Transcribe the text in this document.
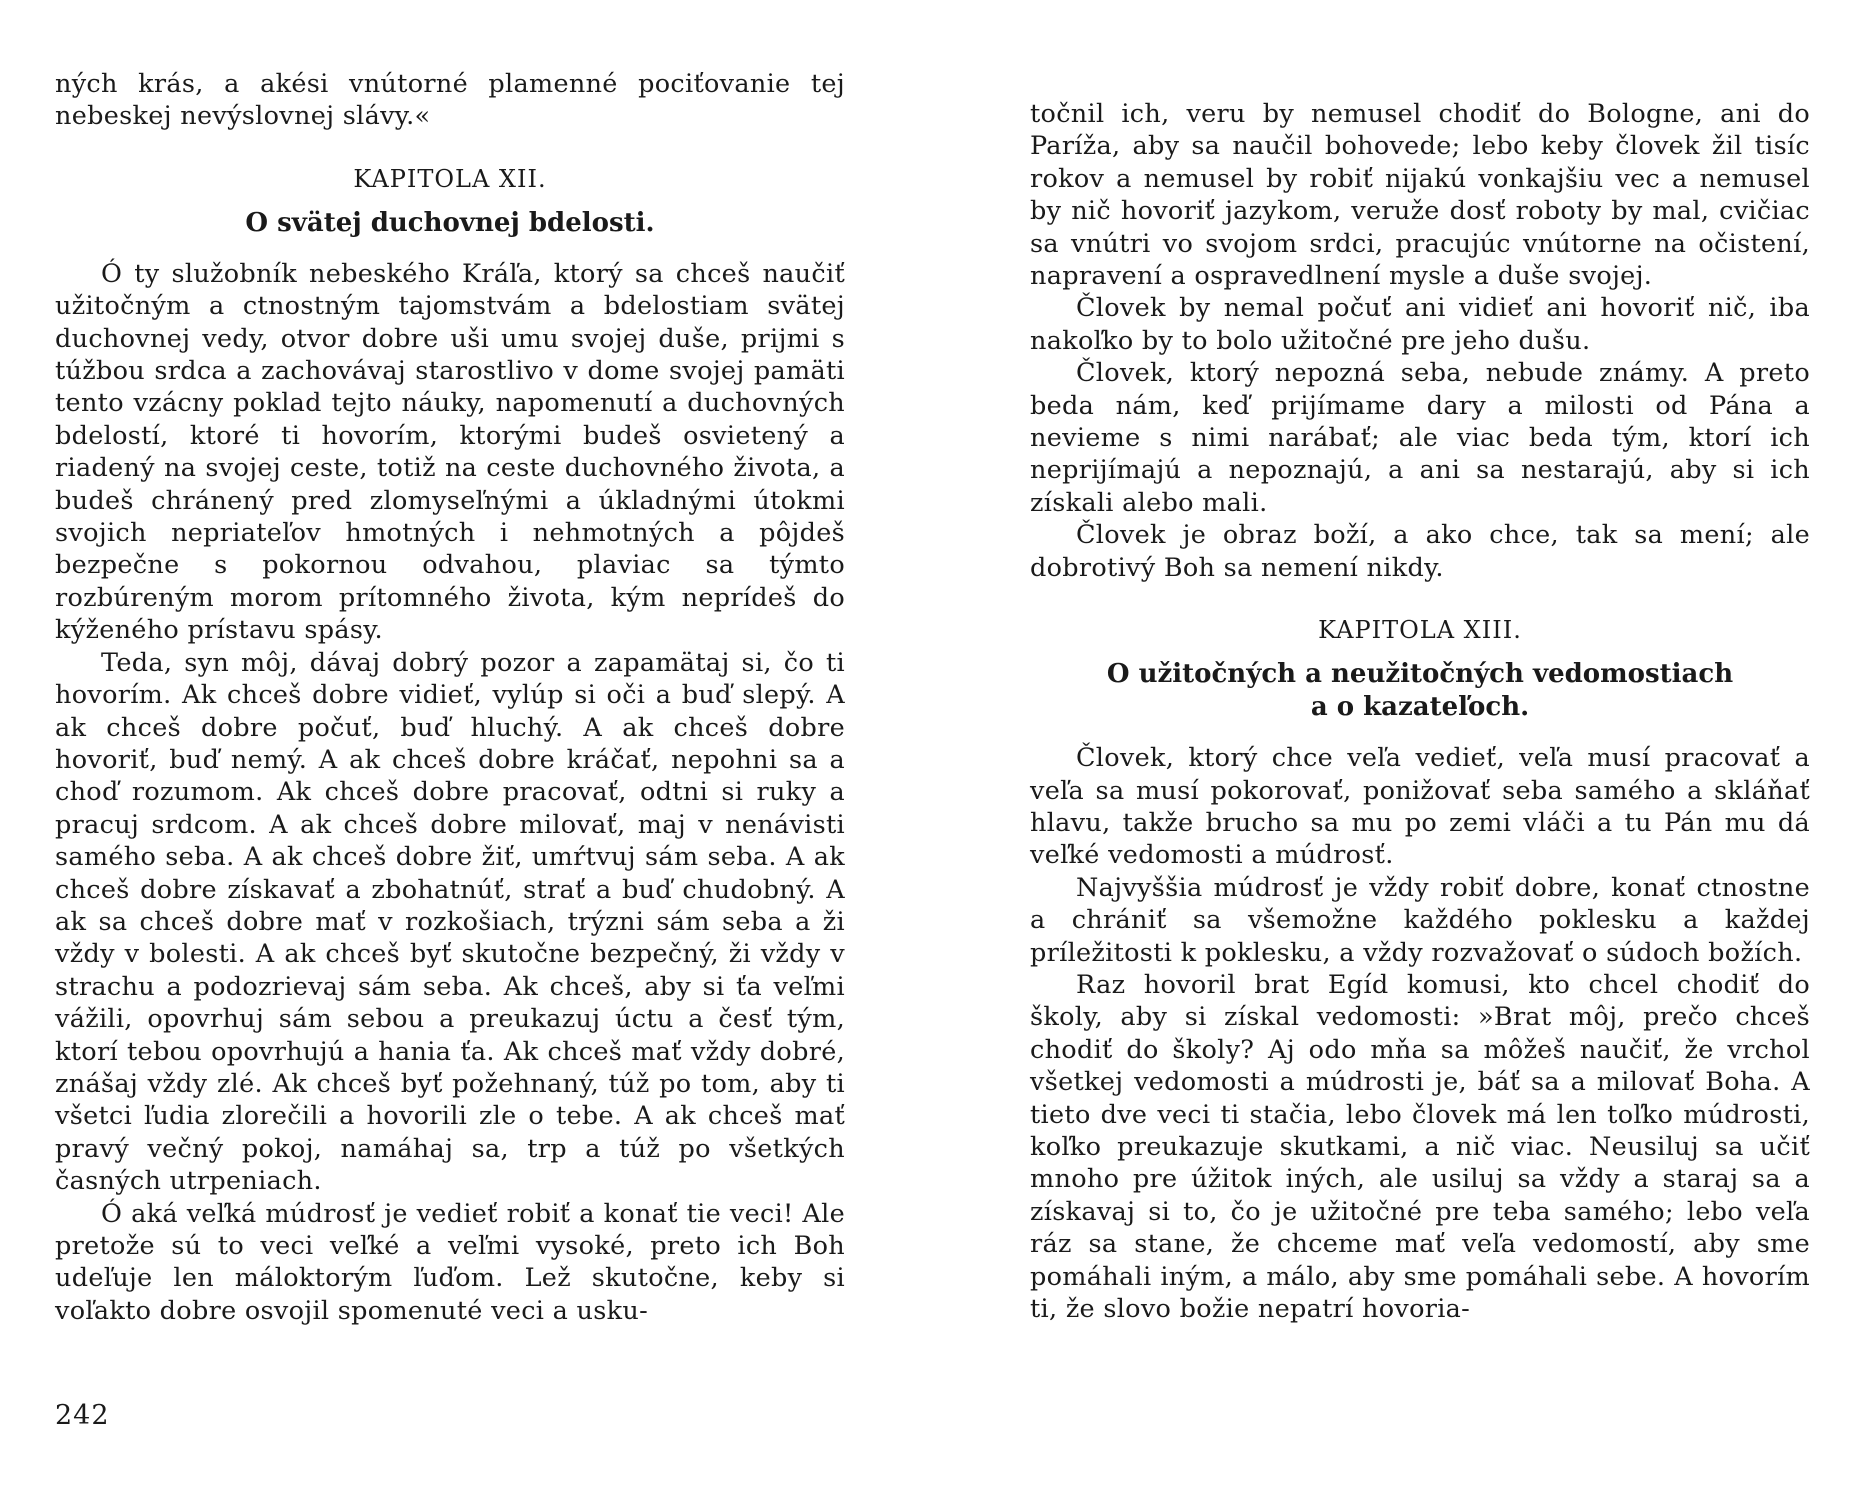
ných krás, a akési vnútorné plamenné pociťovanie tej nebeskej nevýslovnej slávy.«

KAPITOLA XII.
O svätej duchovnej bdelosti.

Ó ty služobník nebeského Kráľa, ktorý sa chceš naučiť užitočným a ctnostným tajomstvám a bdelostiam svätej duchovnej vedy, otvor dobre uši umu svojej duše, prijmi s túžbou srdca a zachovávaj starostlivo v dome svojej pamäti tento vzácny poklad tejto náuky, napomenutí a duchovných bdelostí, ktoré ti hovorím, ktorými budeš osvietený a riadený na svojej ceste, totiž na ceste duchovného života, a budeš chránený pred zlomyseľnými a úkladnými útokmi svojich nepriateľov hmotných i nehmotných a pôjdeš bezpečne s pokornou odvahou, plaviac sa týmto rozbúreným morom prítomného života, kým neprídeš do kýženého prístavu spásy.

Teda, syn môj, dávaj dobrý pozor a zapamätaj si, čo ti hovorím. Ak chceš dobre vidieť, vylúp si oči a buď slepý. A ak chceš dobre počuť, buď hluchý. A ak chceš dobre hovoriť, buď nemý. A ak chceš dobre kráčať, nepohni sa a choď rozumom. Ak chceš dobre pracovať, odtni si ruky a pracuj srdcom. A ak chceš dobre milovať, maj v nenávisti samého seba. A ak chceš dobre žiť, umŕtvuj sám seba. A ak chceš dobre získavať a zbohatnúť, strať a buď chudobný. A ak sa chceš dobre mať v rozkošiach, trýzni sám seba a ži vždy v bolesti. A ak chceš byť skutočne bezpečný, ži vždy v strachu a podozrievaj sám seba. Ak chceš, aby si ťa veľmi vážili, opovrhuj sám sebou a preukazuj úctu a česť tým, ktorí tebou opovrhujú a hania ťa. Ak chceš mať vždy dobré, znášaj vždy zlé. Ak chceš byť požehnaný, túž po tom, aby ti všetci ľudia zlorečili a hovorili zle o tebe. A ak chceš mať pravý večný pokoj, namáhaj sa, trp a túž po všetkých časných utrpeniach.

Ó aká veľká múdrosť je vedieť robiť a konať tie veci! Ale pretože sú to veci veľké a veľmi vysoké, preto ich Boh udeľuje len máloktorým ľuďom. Lež skutočne, keby si voľakto dobre osvojil spomenuté veci a usku-

242

točnil ich, veru by nemusel chodiť do Bologne, ani do Paríža, aby sa naučil bohovede; lebo keby človek žil tisíc rokov a nemusel by robiť nijakú vonkajšiu vec a nemusel by nič hovoriť jazykom, veruže dosť roboty by mal, cvičiac sa vnútri vo svojom srdci, pracujúc vnútorne na očistení, napravení a ospravedlnení mysle a duše svojej.

Človek by nemal počuť ani vidieť ani hovoriť nič, iba nakoľko by to bolo užitočné pre jeho dušu.

Človek, ktorý nepozná seba, nebude známy. A preto beda nám, keď prijímame dary a milosti od Pána a nevieme s nimi narábať; ale viac beda tým, ktorí ich neprijímajú a nepoznajú, a ani sa nestarajú, aby si ich získali alebo mali.

Človek je obraz boží, a ako chce, tak sa mení; ale dobrotivý Boh sa nemení nikdy.

KAPITOLA XIII.
O užitočných a neužitočných vedomostiach
a o kazateľoch.

Človek, ktorý chce veľa vedieť, veľa musí pracovať a veľa sa musí pokorovať, ponižovať seba samého a skláňať hlavu, takže brucho sa mu po zemi vláči a tu Pán mu dá veľké vedomosti a múdrosť.

Najvyššia múdrosť je vždy robiť dobre, konať ctnostne a chrániť sa všemožne každého poklesku a každej príležitosti k poklesku, a vždy rozvažovať o súdoch božích.

Raz hovoril brat Egíd komusi, kto chcel chodiť do školy, aby si získal vedomosti: »Brat môj, prečo chceš chodiť do školy? Aj odo mňa sa môžeš naučiť, že vrchol všetkej vedomosti a múdrosti je, báť sa a milovať Boha. A tieto dve veci ti stačia, lebo človek má len toľko múdrosti, koľko preukazuje skutkami, a nič viac. Neusiluj sa učiť mnoho pre úžitok iných, ale usiluj sa vždy a staraj sa a získavaj si to, čo je užitočné pre teba samého; lebo veľa ráz sa stane, že chceme mať veľa vedomostí, aby sme pomáhali iným, a málo, aby sme pomáhali sebe. A hovorím ti, že slovo božie nepatrí hovoria-
